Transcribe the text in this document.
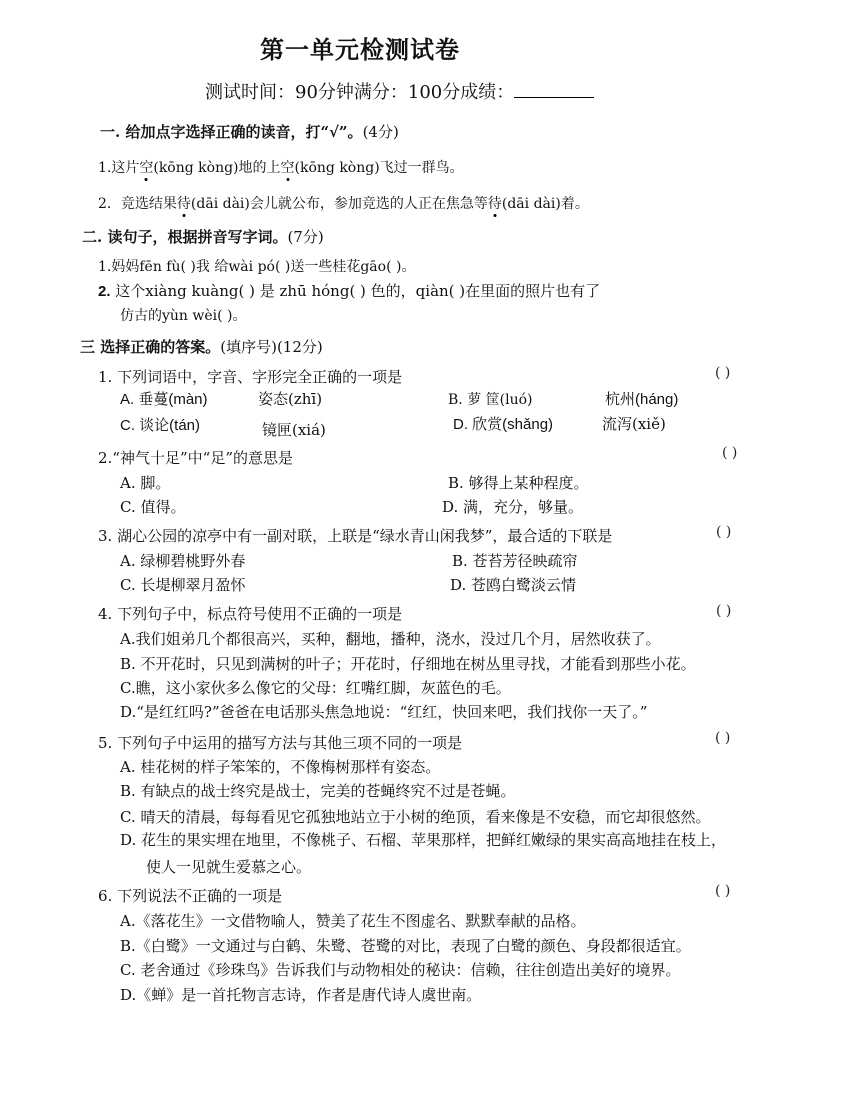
第一单元检测试卷
测试时间：90分钟满分：100分成绩：
一. 给加点字选择正确的读音，打“√”。(4分)
1.这片空(kōng kòng)地的上空(kōng kòng)飞过一群鸟。
2．竞选结果待(dāi dài)会儿就公布，参加竞选的人正在焦急等待(dāi dài)着。
二. 读句子，根据拼音写字词。(7分)
1.妈妈fēn fù( )我 给wài pó( )送一些桂花gāo( )。
2. 这个xiàng kuàng( ) 是 zhū hóng( ) 色的，qiàn( )在里面的照片也有了
仿古的yùn wèi( )。
三 选择正确的答案。(填序号)(12分)
1. 下列词语中，字音、字形完全正确的一项是	( )
A. 垂蔓(màn)	姿态(zhī)	B. 萝 筐(luó)	杭州(háng)
C. 谈论(tán)	镜匣(xiá)	D. 欣赏(shǎng)	流泻(xiě)
2.“神气十足”中“足”的意思是	( )
A. 脚。	B. 够得上某种程度。
C. 值得。	D. 满，充分，够量。
3. 湖心公园的凉亭中有一副对联，上联是“绿水青山闲我梦”，最合适的下联是	( )
A. 绿柳碧桃野外春	B. 苍苔芳径映疏帘
C. 长堤柳翠月盈怀	D. 苍鸥白鹭淡云情
4. 下列句子中，标点符号使用不正确的一项是	( )
A.我们姐弟几个都很高兴，买种，翻地，播种，浇水，没过几个月，居然收获了。
B. 不开花时，只见到满树的叶子；开花时，仔细地在树丛里寻找，才能看到那些小花。
C.瞧，这小家伙多么像它的父母：红嘴红脚，灰蓝色的毛。
D.“是红红吗?”爸爸在电话那头焦急地说：“红红，快回来吧，我们找你一天了。”
5. 下列句子中运用的描写方法与其他三项不同的一项是	( )
A. 桂花树的样子笨笨的，不像梅树那样有姿态。
B. 有缺点的战士终究是战士，完美的苍蝇终究不过是苍蝇。
C. 晴天的清晨，每每看见它孤独地站立于小树的绝顶，看来像是不安稳，而它却很悠然。
D. 花生的果实埋在地里，不像桃子、石榴、苹果那样，把鲜红嫩绿的果实高高地挂在枝上，
使人一见就生爱慕之心。
6. 下列说法不正确的一项是	( )
A.《落花生》一文借物喻人，赞美了花生不图虚名、默默奉献的品格。
B.《白鹭》一文通过与白鹤、朱鹭、苍鹭的对比，表现了白鹭的颜色、身段都很适宜。
C. 老舍通过《珍珠鸟》告诉我们与动物相处的秘诀：信赖，往往创造出美好的境界。
D.《蝉》是一首托物言志诗，作者是唐代诗人虞世南。
